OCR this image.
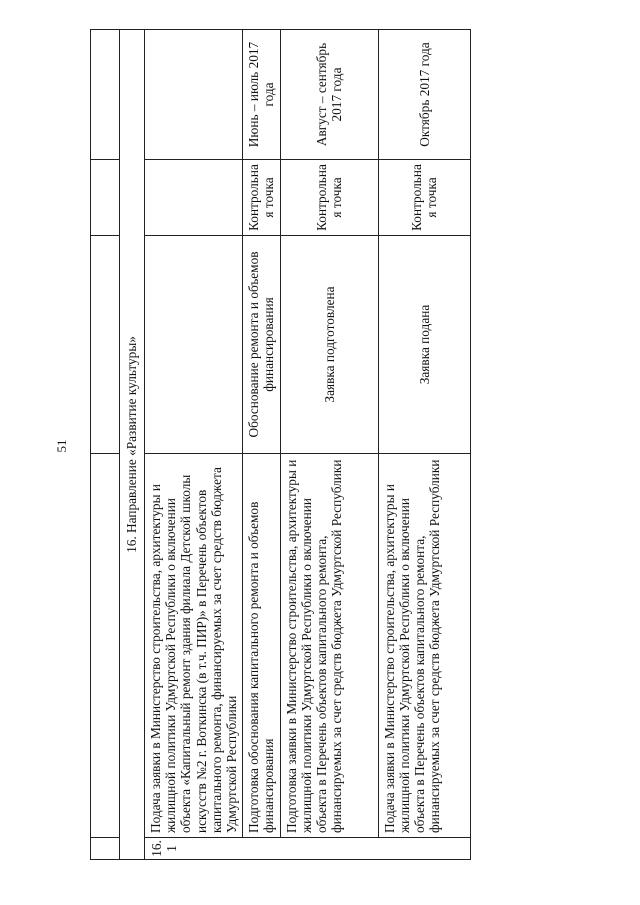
51
					16. Направление «Развитие культуры»				
16.1	Подача заявки в Министерство строительства, архитектуры и жилищной политики Удмуртской Республики о включении объекта «Капитальный ремонт здания филиала Детской школы искусств №2 г. Воткинска (в т.ч. ПИР)» в Перечень объектов капитального ремонта, финансируемых за счет средств бюджета Удмуртской Республики			
	Подготовка обоснования капитального ремонта и объемов финансирования	Обоснование ремонта и объемов финансирования	Контрольная точка	Июнь – июль 2017 года
	Подготовка заявки в Министерство строительства, архитектуры и жилищной политики Удмуртской Республики о включении объекта в Перечень объектов капитального ремонта, финансируемых за счет средств бюджета Удмуртской Республики	Заявка подготовлена	Контрольная точка	Август – сентябрь 2017 года
	Подача заявки в Министерство строительства, архитектуры и жилищной политики Удмуртской Республики о включении объекта в Перечень объектов капитального ремонта, финансируемых за счет средств бюджета Удмуртской Республики	Заявка подана	Контрольная точка	Октябрь 2017 года
